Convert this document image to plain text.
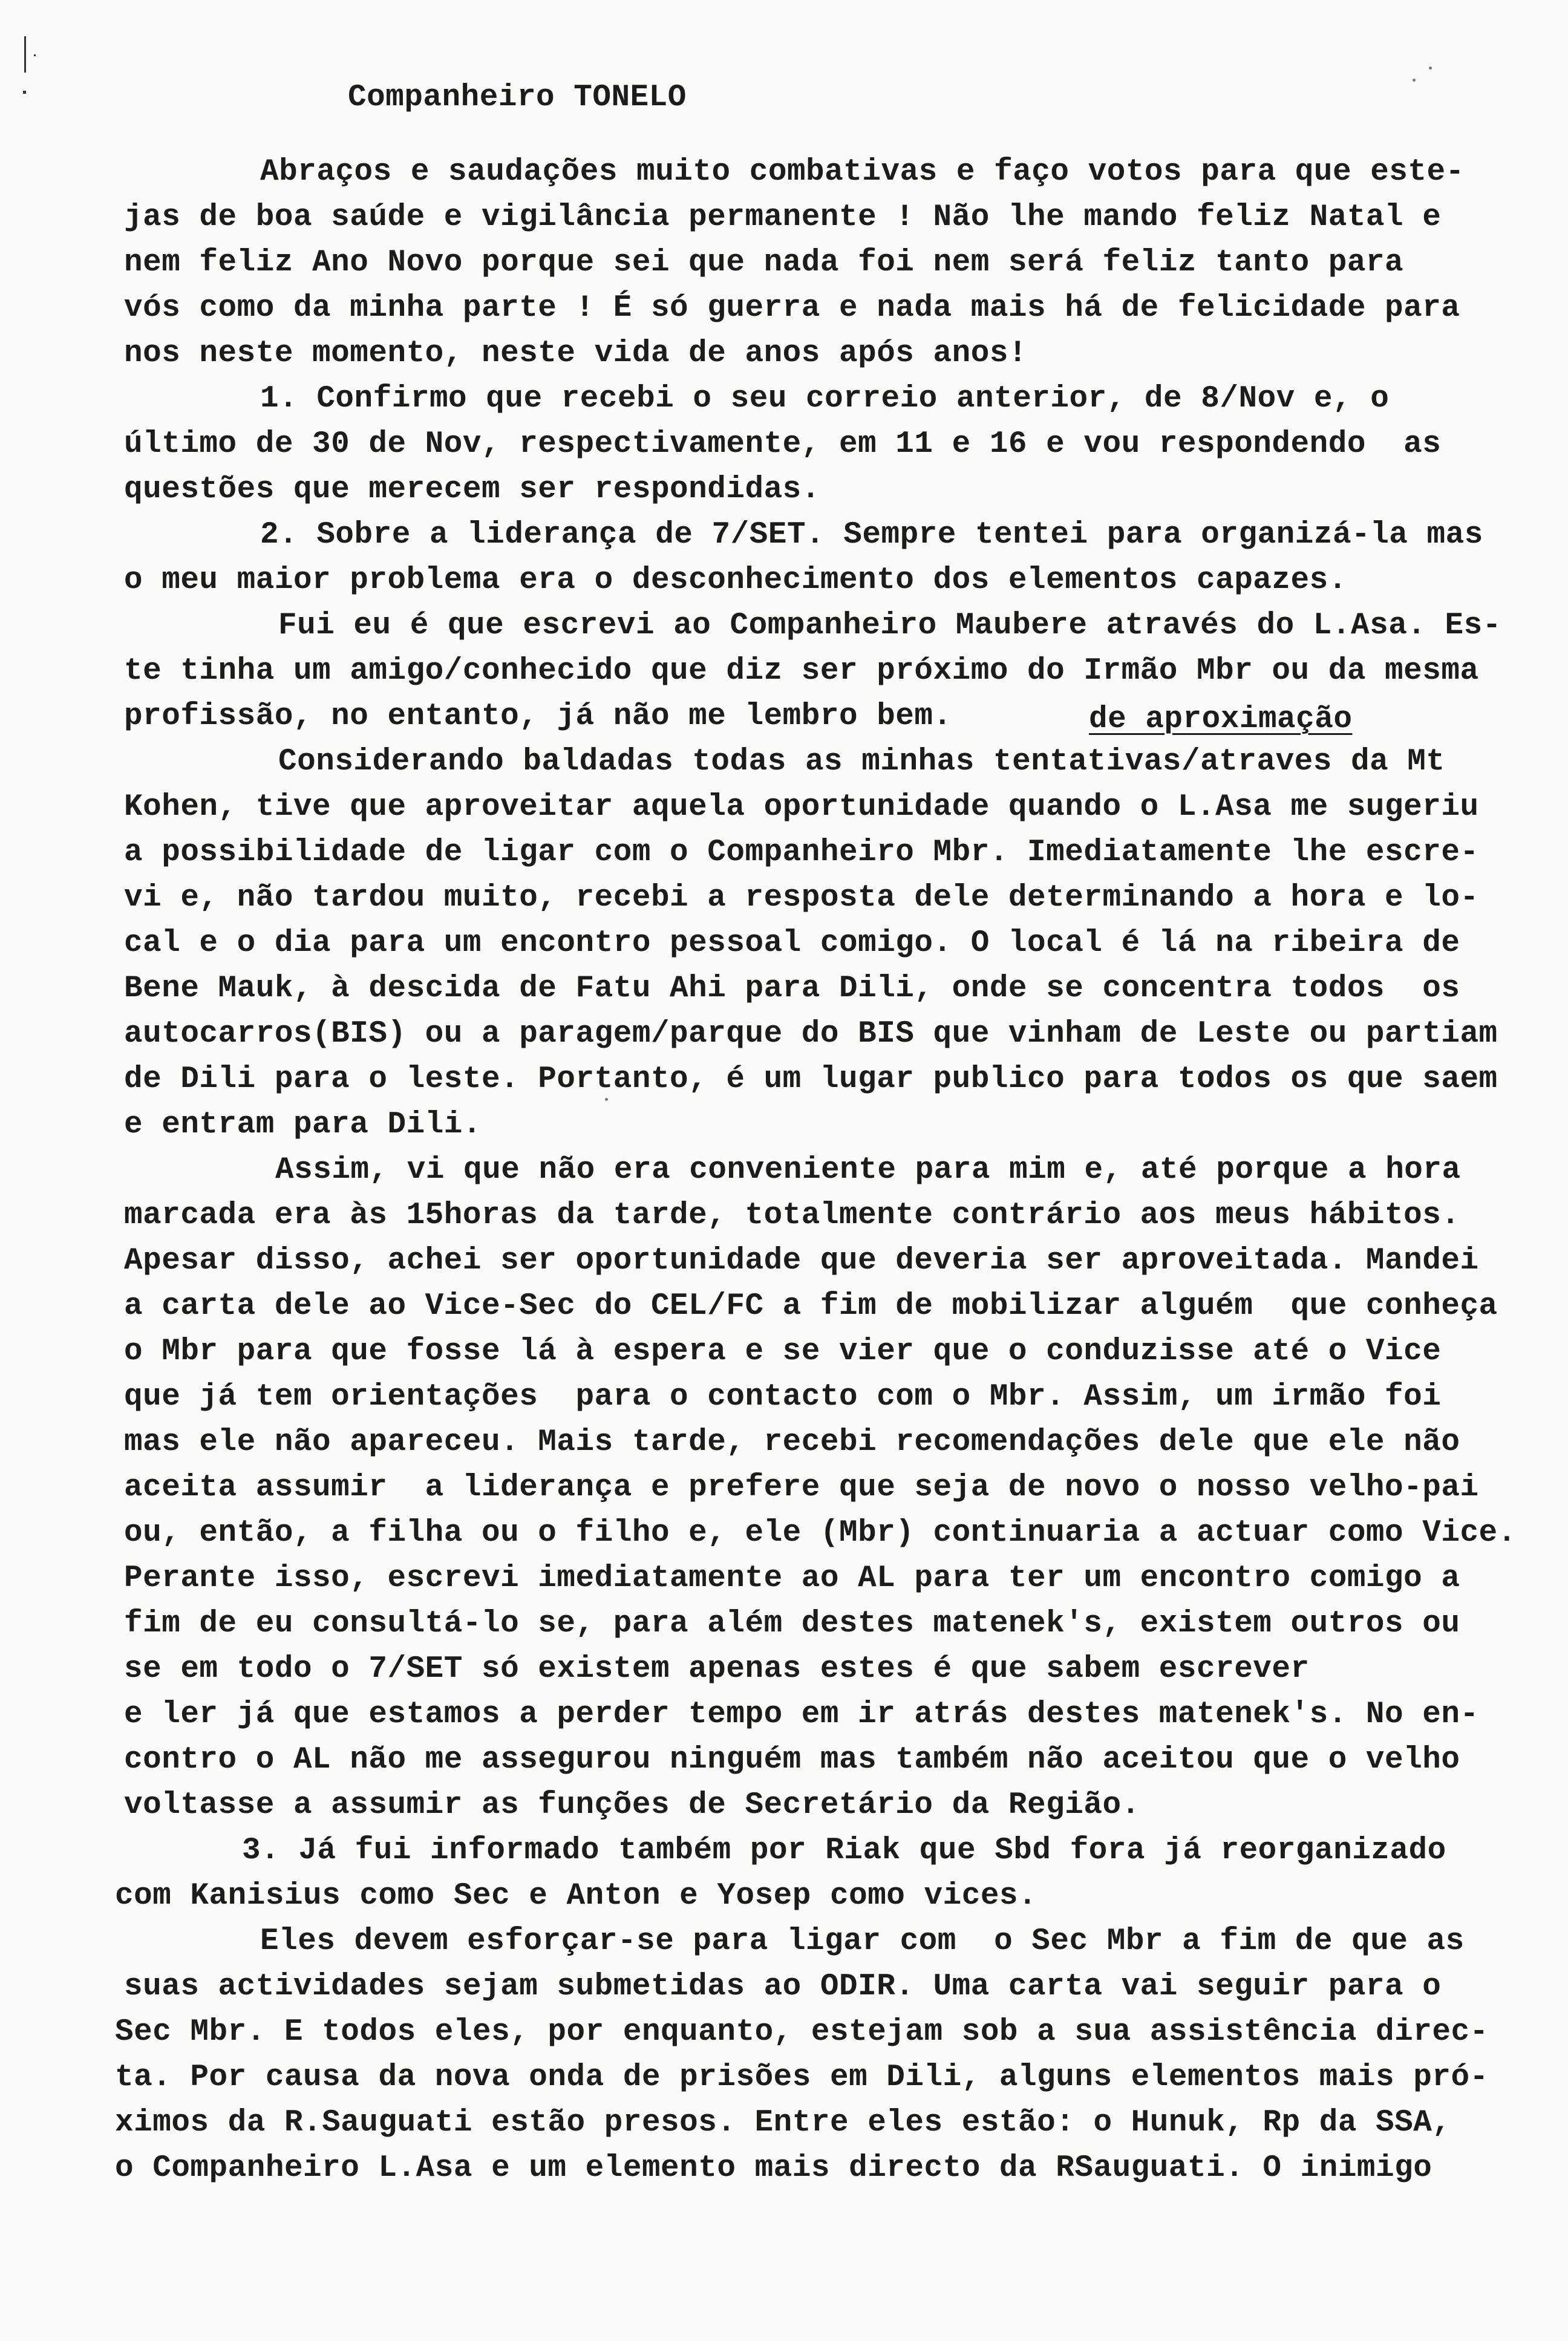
Companheiro TONELO
Abraços e saudações muito combativas e faço votos para que este-
jas de boa saúde e vigilância permanente ! Não lhe mando feliz Natal e
nem feliz Ano Novo porque sei que nada foi nem será feliz tanto para
vós como da minha parte ! É só guerra e nada mais há de felicidade para
nos neste momento, neste vida de anos após anos!
1. Confirmo que recebi o seu correio anterior, de 8/Nov e, o
último de 30 de Nov, respectivamente, em 11 e 16 e vou respondendo  as
questões que merecem ser respondidas.
2. Sobre a liderança de 7/SET. Sempre tentei para organizá-la mas
o meu maior problema era o desconhecimento dos elementos capazes.
Fui eu é que escrevi ao Companheiro Maubere através do L.Asa. Es-
te tinha um amigo/conhecido que diz ser próximo do Irmão Mbr ou da mesma
profissão, no entanto, já não me lembro bem.	de aproximação
Considerando baldadas todas as minhas tentativas/atraves da Mt
Kohen, tive que aproveitar aquela oportunidade quando o L.Asa me sugeriu
a possibilidade de ligar com o Companheiro Mbr. Imediatamente lhe escre-
vi e, não tardou muito, recebi a resposta dele determinando a hora e lo-
cal e o dia para um encontro pessoal comigo. O local é lá na ribeira de
Bene Mauk, à descida de Fatu Ahi para Dili, onde se concentra todos  os
autocarros(BIS) ou a paragem/parque do BIS que vinham de Leste ou partiam
de Dili para o leste. Portanto, é um lugar publico para todos os que saem
e entram para Dili.
Assim, vi que não era conveniente para mim e, até porque a hora
marcada era às 15horas da tarde, totalmente contrário aos meus hábitos.
Apesar disso, achei ser oportunidade que deveria ser aproveitada. Mandei
a carta dele ao Vice-Sec do CEL/FC a fim de mobilizar alguém  que conheça
o Mbr para que fosse lá à espera e se vier que o conduzisse até o Vice
que já tem orientações  para o contacto com o Mbr. Assim, um irmão foi
mas ele não apareceu. Mais tarde, recebi recomendações dele que ele não
aceita assumir  a liderança e prefere que seja de novo o nosso velho-pai
ou, então, a filha ou o filho e, ele (Mbr) continuaria a actuar como Vice.
Perante isso, escrevi imediatamente ao AL para ter um encontro comigo a
fim de eu consultá-lo se, para além destes matenek's, existem outros ou
se em todo o 7/SET só existem apenas estes é que sabem escrever
e ler já que estamos a perder tempo em ir atrás destes matenek's. No en-
contro o AL não me assegurou ninguém mas também não aceitou que o velho
voltasse a assumir as funções de Secretário da Região.
3. Já fui informado também por Riak que Sbd fora já reorganizado
com Kanisius como Sec e Anton e Yosep como vices.
Eles devem esforçar-se para ligar com  o Sec Mbr a fim de que as
suas actividades sejam submetidas ao ODIR. Uma carta vai seguir para o
Sec Mbr. E todos eles, por enquanto, estejam sob a sua assistência direc-
ta. Por causa da nova onda de prisões em Dili, alguns elementos mais pró-
ximos da R.Sauguati estão presos. Entre eles estão: o Hunuk, Rp da SSA,
o Companheiro L.Asa e um elemento mais directo da RSauguati. O inimigo
